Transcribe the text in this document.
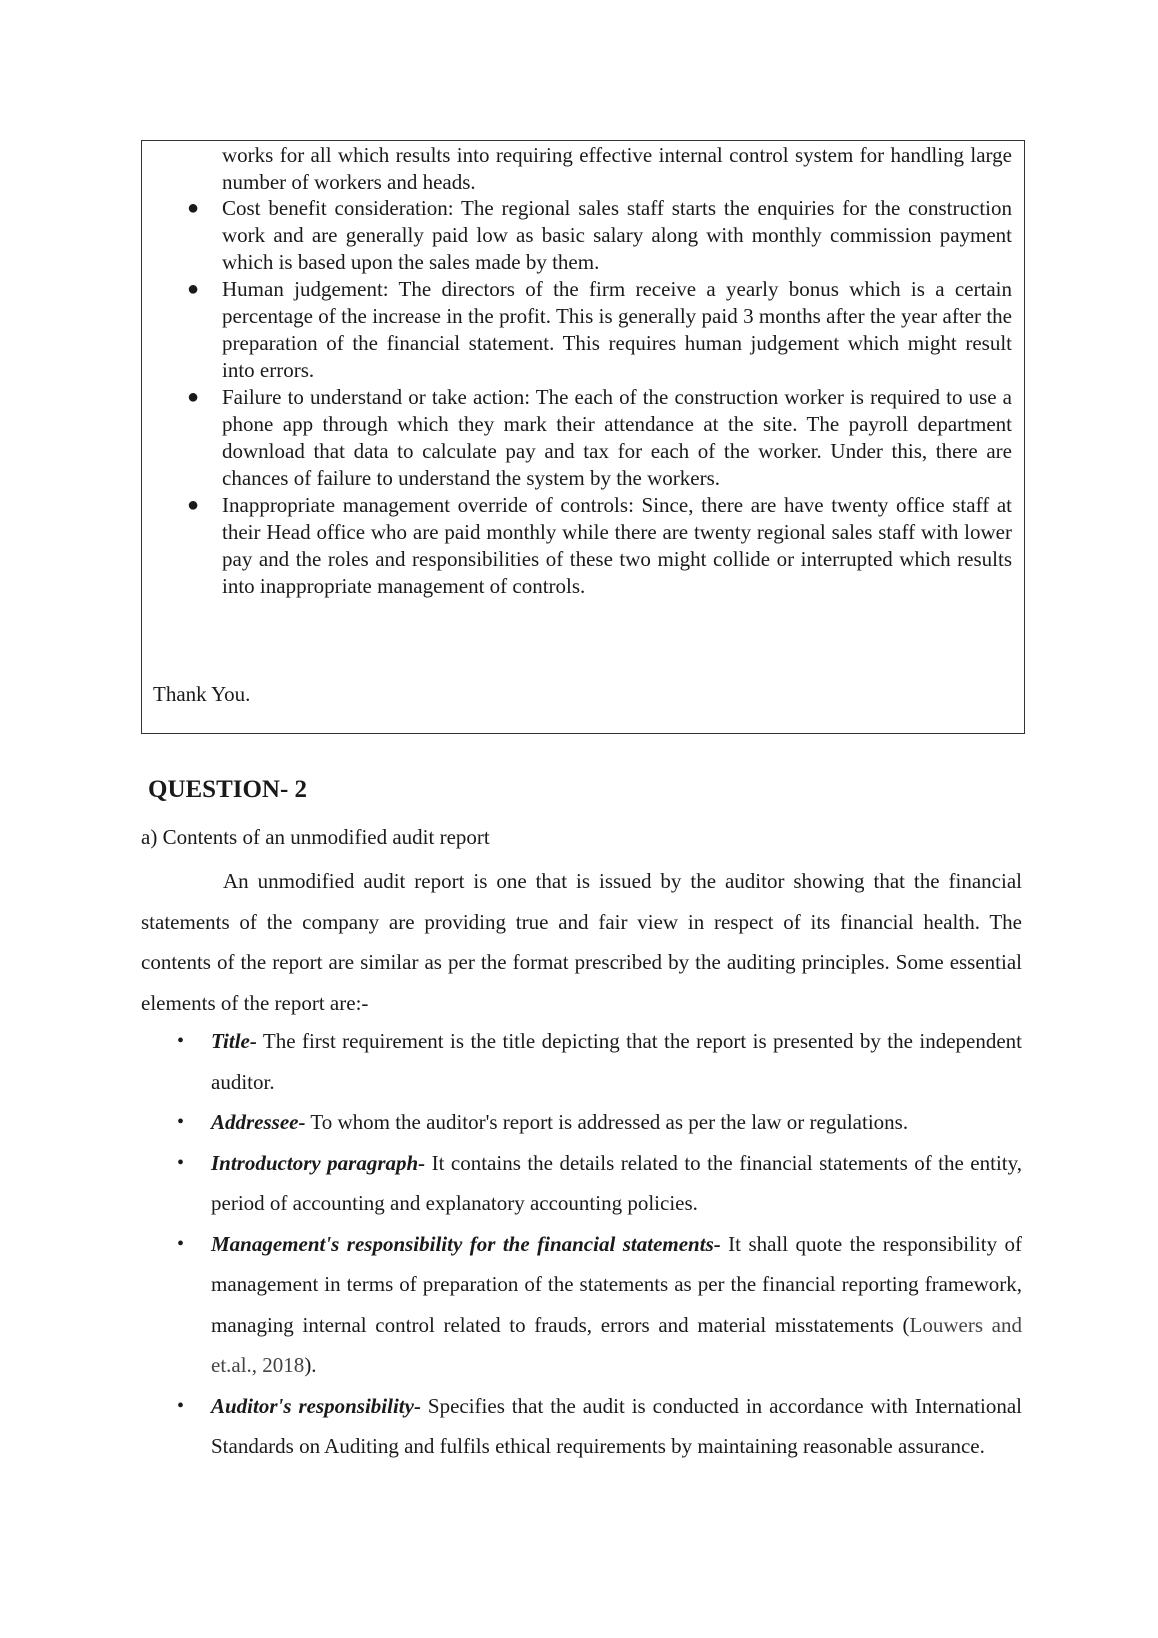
works for all which results into requiring effective internal control system for handling large number of workers and heads.
● Cost benefit consideration: The regional sales staff starts the enquiries for the construction work and are generally paid low as basic salary along with monthly commission payment which is based upon the sales made by them.
● Human judgement: The directors of the firm receive a yearly bonus which is a certain percentage of the increase in the profit. This is generally paid 3 months after the year after the preparation of the financial statement. This requires human judgement which might result into errors.
● Failure to understand or take action: The each of the construction worker is required to use a phone app through which they mark their attendance at the site. The payroll department download that data to calculate pay and tax for each of the worker. Under this, there are chances of failure to understand the system by the workers.
● Inappropriate management override of controls: Since, there are have twenty office staff at their Head office who are paid monthly while there are twenty regional sales staff with lower pay and the roles and responsibilities of these two might collide or interrupted which results into inappropriate management of controls.
Thank You.
QUESTION- 2
a) Contents of an unmodified audit report
An unmodified audit report is one that is issued by the auditor showing that the financial statements of the company are providing true and fair view in respect of its financial health. The contents of the report are similar as per the format prescribed by the auditing principles. Some essential elements of the report are:-
• Title- The first requirement is the title depicting that the report is presented by the independent auditor.
• Addressee- To whom the auditor's report is addressed as per the law or regulations.
• Introductory paragraph- It contains the details related to the financial statements of the entity, period of accounting and explanatory accounting policies.
• Management's responsibility for the financial statements- It shall quote the responsibility of management in terms of preparation of the statements as per the financial reporting framework, managing internal control related to frauds, errors and material misstatements (Louwers and et.al., 2018).
• Auditor's responsibility- Specifies that the audit is conducted in accordance with International Standards on Auditing and fulfils ethical requirements by maintaining reasonable assurance.
